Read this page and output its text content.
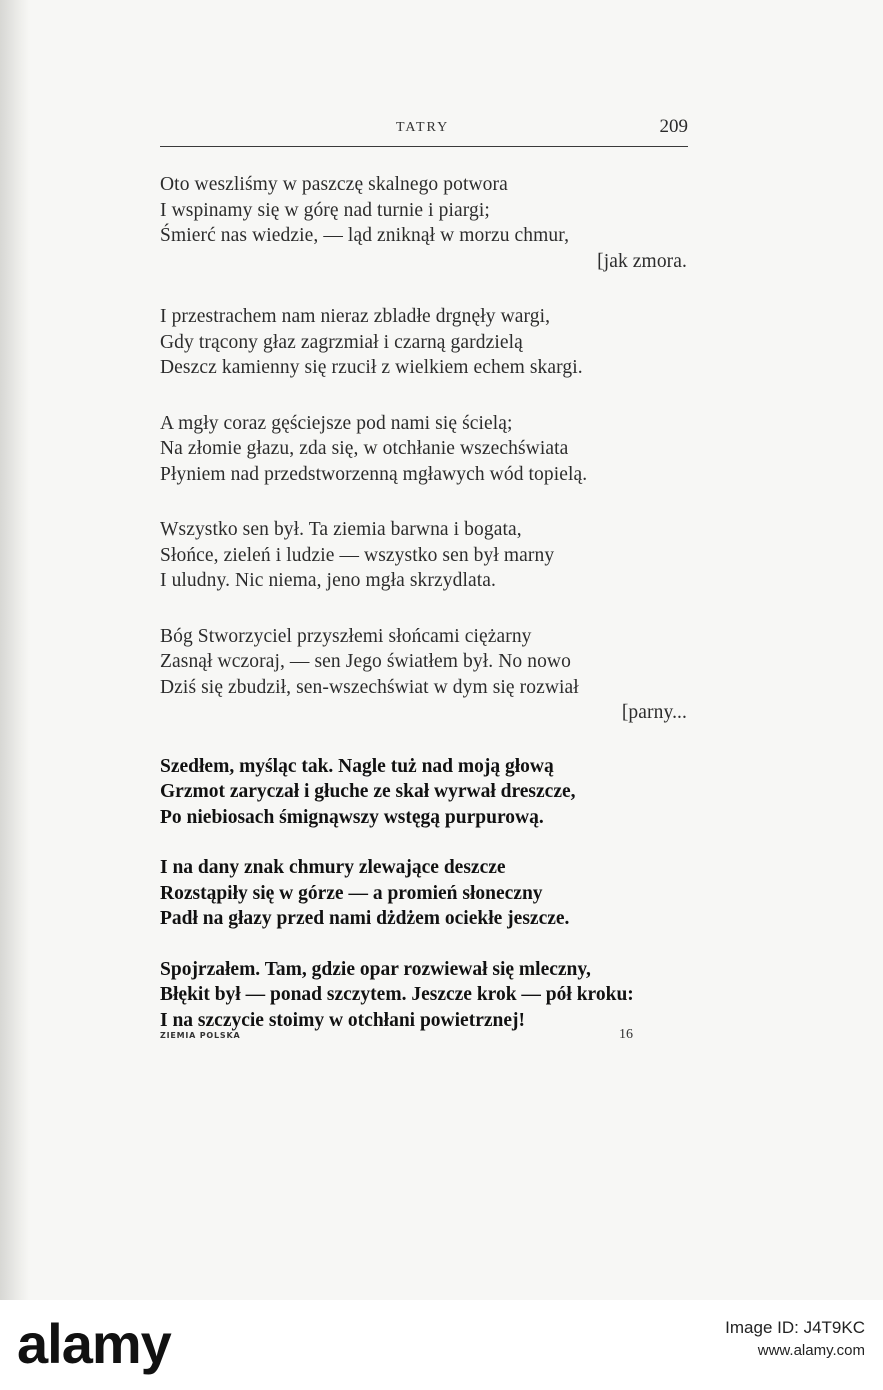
TATRY	209
Oto weszliśmy w paszczę skalnego potwora
I wspinamy się w górę nad turnie i piargi;
Śmierć nas wiedzie, — ląd zniknął w morzu chmur,
[jak zmora.
I przestrachem nam nieraz zbladłe drgnęły wargi,
Gdy trącony głaz zagrzmiał i czarną gardzielą
Deszcz kamienny się rzucił z wielkiem echem skargi.
A mgły coraz gęściejsze pod nami się ścielą;
Na złomie głazu, zda się, w otchłanie wszechświata
Płyniem nad przedstworzenną mgławych wód topielą.
Wszystko sen był. Ta ziemia barwna i bogata,
Słońce, zieleń i ludzie — wszystko sen był marny
I uludny. Nic niema, jeno mgła skrzydlata.
Bóg Stworzyciel przyszłemi słońcami ciężarny
Zasnął wczoraj, — sen Jego światłem był. No nowo
Dziś się zbudził, sen-wszechświat w dym się rozwiał
[parny...
Szedłem, myśląc tak. Nagle tuż nad moją głową
Grzmot zaryczał i głuche ze skał wyrwał dreszcze,
Po niebiosach śmignąwszy wstęgą purpurową.
I na dany znak chmury zlewające deszcze
Rozstąpiły się w górze — a promień słoneczny
Padł na głazy przed nami dżdżem ociekłe jeszcze.
Spojrzałem. Tam, gdzie opar rozwiewał się mleczny,
Błękit był — ponad szczytem. Jeszcze krok — pół kroku:
I na szczycie stoimy w otchłani powietrznej!
ZIEMIA POLSKA	16
alamy	Image ID: J4T9KC
www.alamy.com
